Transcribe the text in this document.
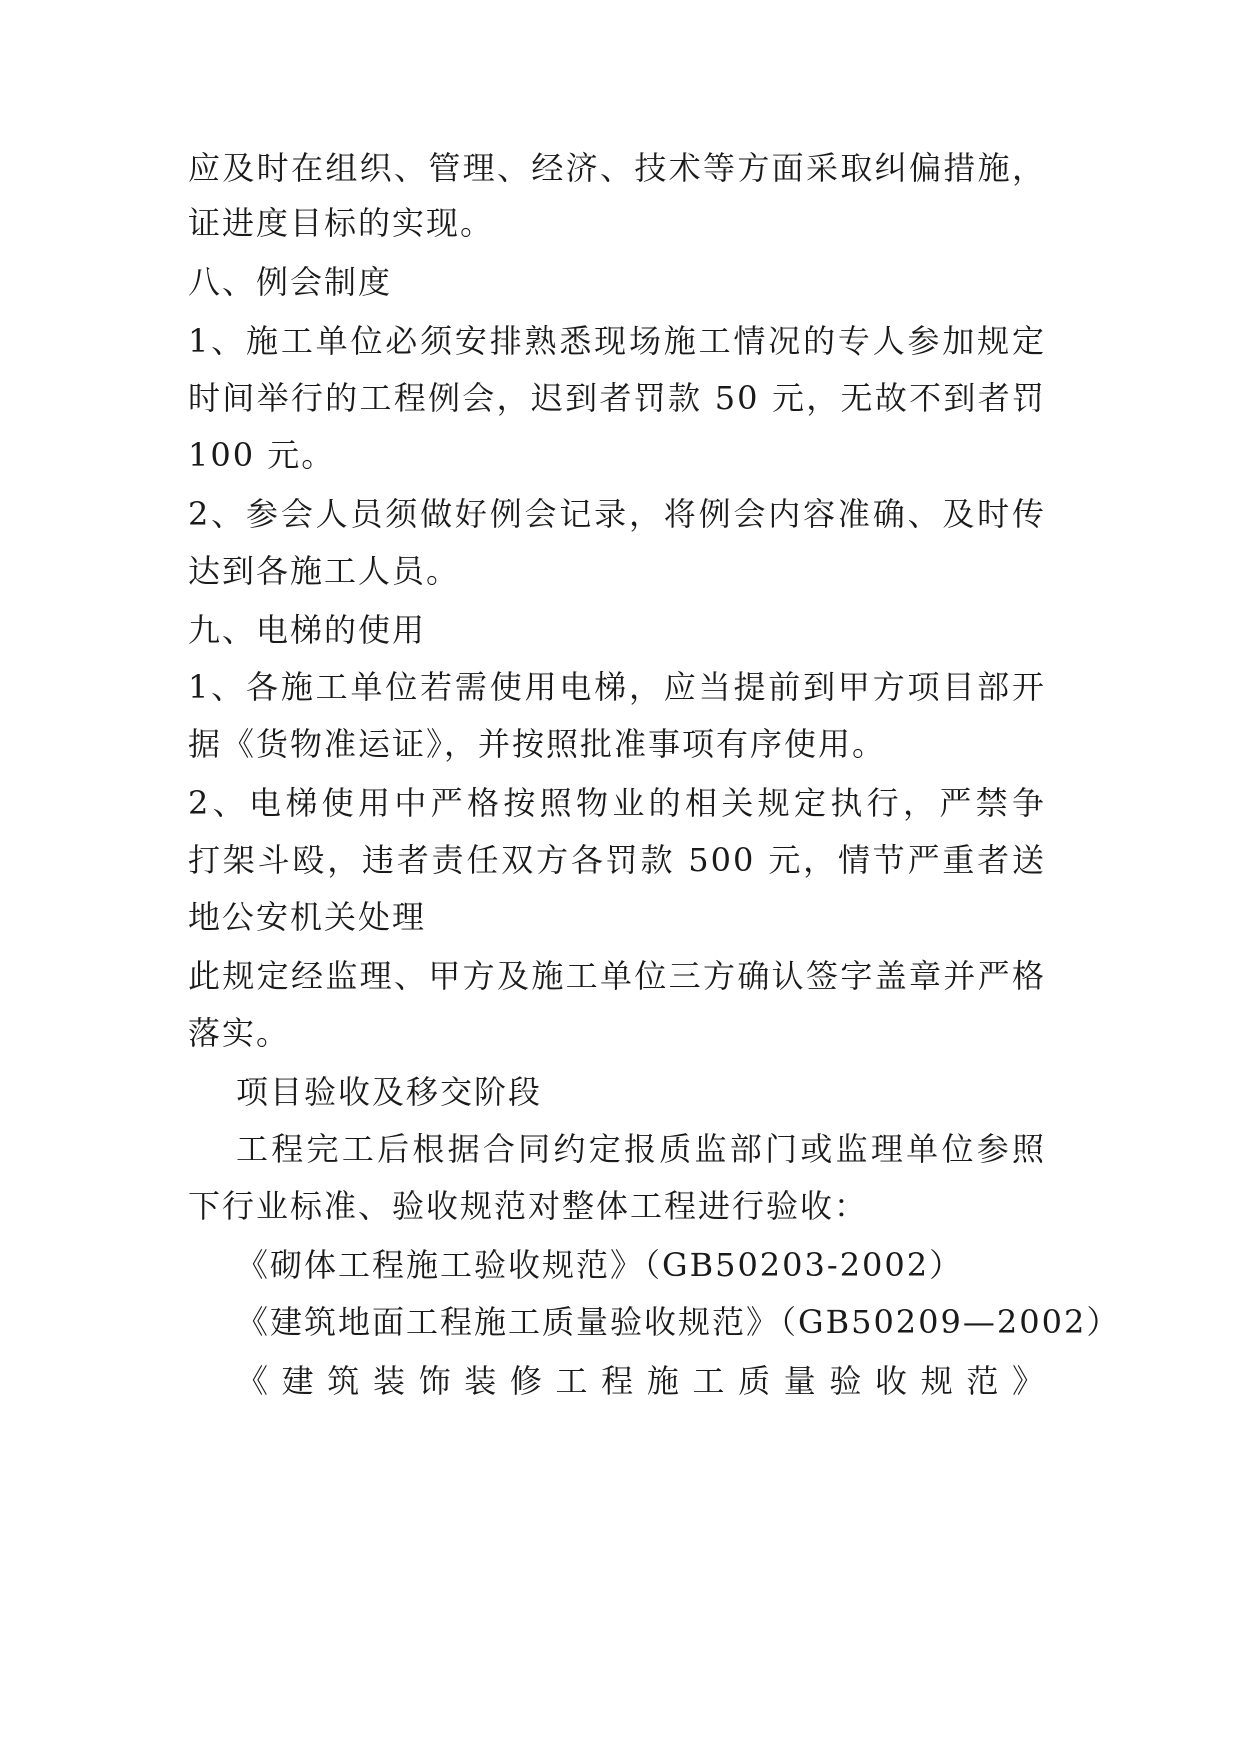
应及时在组织、管理、经济、技术等方面采取纠偏措施，
证进度目标的实现。
八、例会制度
1、施工单位必须安排熟悉现场施工情况的专人参加规定
时间举行的工程例会，迟到者罚款 50 元，无故不到者罚
100 元。
2、参会人员须做好例会记录，将例会内容准确、及时传
达到各施工人员。
九、电梯的使用
1、各施工单位若需使用电梯，应当提前到甲方项目部开
据《货物准运证》，并按照批准事项有序使用。
2、电梯使用中严格按照物业的相关规定执行，严禁争
打架斗殴，违者责任双方各罚款 500 元，情节严重者送
地公安机关处理
此规定经监理、甲方及施工单位三方确认签字盖章并严格
落实。
项目验收及移交阶段
工程完工后根据合同约定报质监部门或监理单位参照
下行业标准、验收规范对整体工程进行验收：
《砌体工程施工验收规范》（GB50203-2002）
《建筑地面工程施工质量验收规范》（GB50209—2002）
《建筑装饰装修工程施工质量验收规范》
